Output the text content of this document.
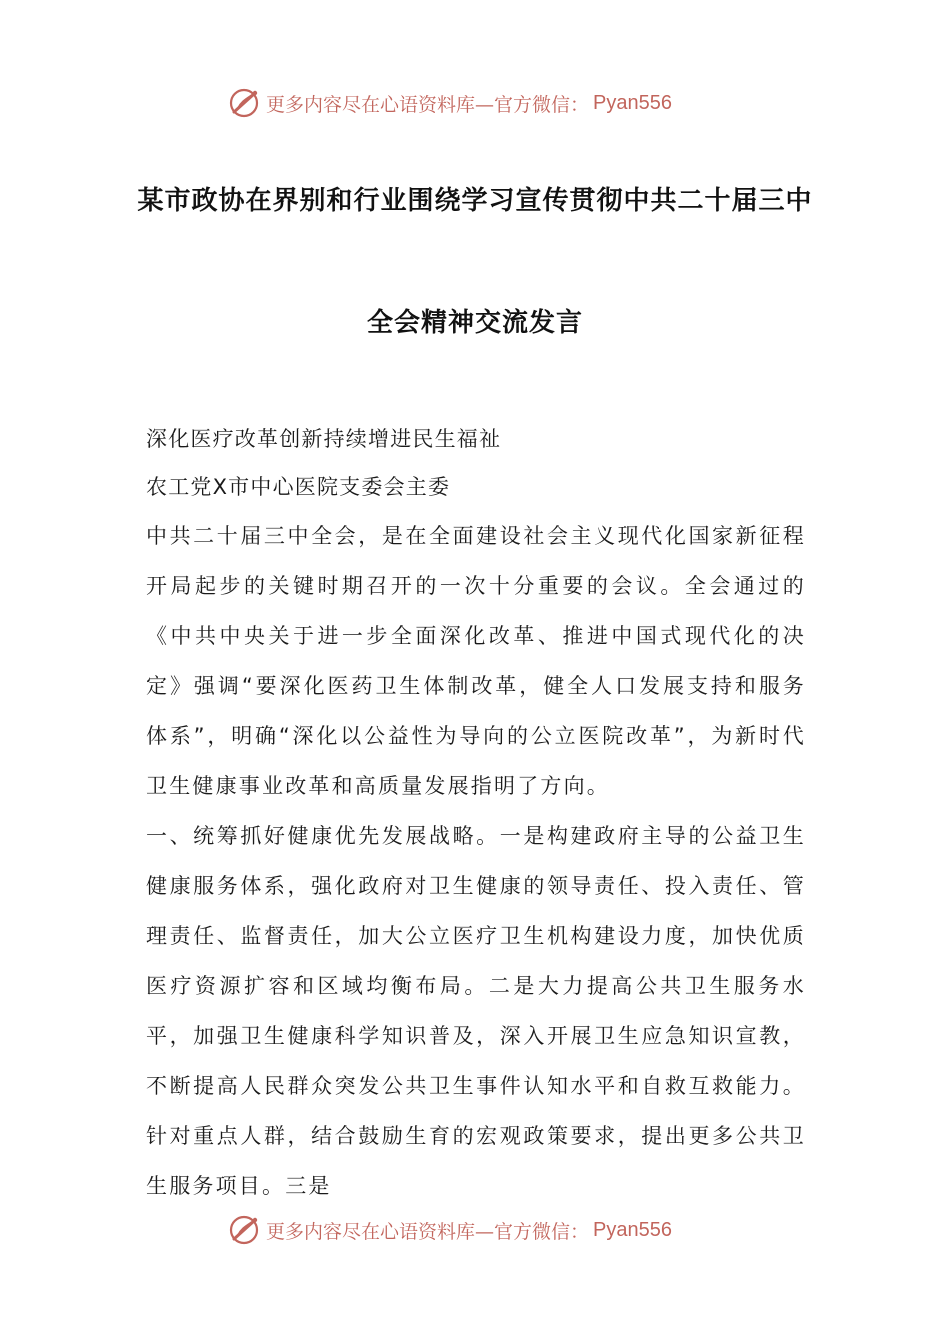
更多内容尽在心语资料库— 官方微信： Pyan556
某市政协在界别和行业围绕学习宣传贯彻中共二十届三中
全会精神交流发言

深化医疗改革创新持续增进民生福祉

农工党X市中心医院支委会主委

中共二十届三中全会，是在全面建设社会主义现代化国家新征程开局起步的关键时期召开的一次十分重要的会议。全会通过的《中共中央关于进一步全面深化改革、推进中国式现代化的决定》强调“要深化医药卫生体制改革，健全人口发展支持和服务体系”，明确“深化以公益性为导向的公立医院改革”，为新时代卫生健康事业改革和高质量发展指明了方向。

一、统筹抓好健康优先发展战略。一是构建政府主导的公益卫生健康服务体系，强化政府对卫生健康的领导责任、投入责任、管理责任、监督责任，加大公立医疗卫生机构建设力度，加快优质医疗资源扩容和区域均衡布局。二是大力提高公共卫生服务水平，加强卫生健康科学知识普及，深入开展卫生应急知识宣教，不断提高人民群众突发公共卫生事件认知水平和自救互救能力。针对重点人群，结合鼓励生育的宏观政策要求，提出更多公共卫生服务项目。三是

更多内容尽在心语资料库— 官方微信： Pyan556
